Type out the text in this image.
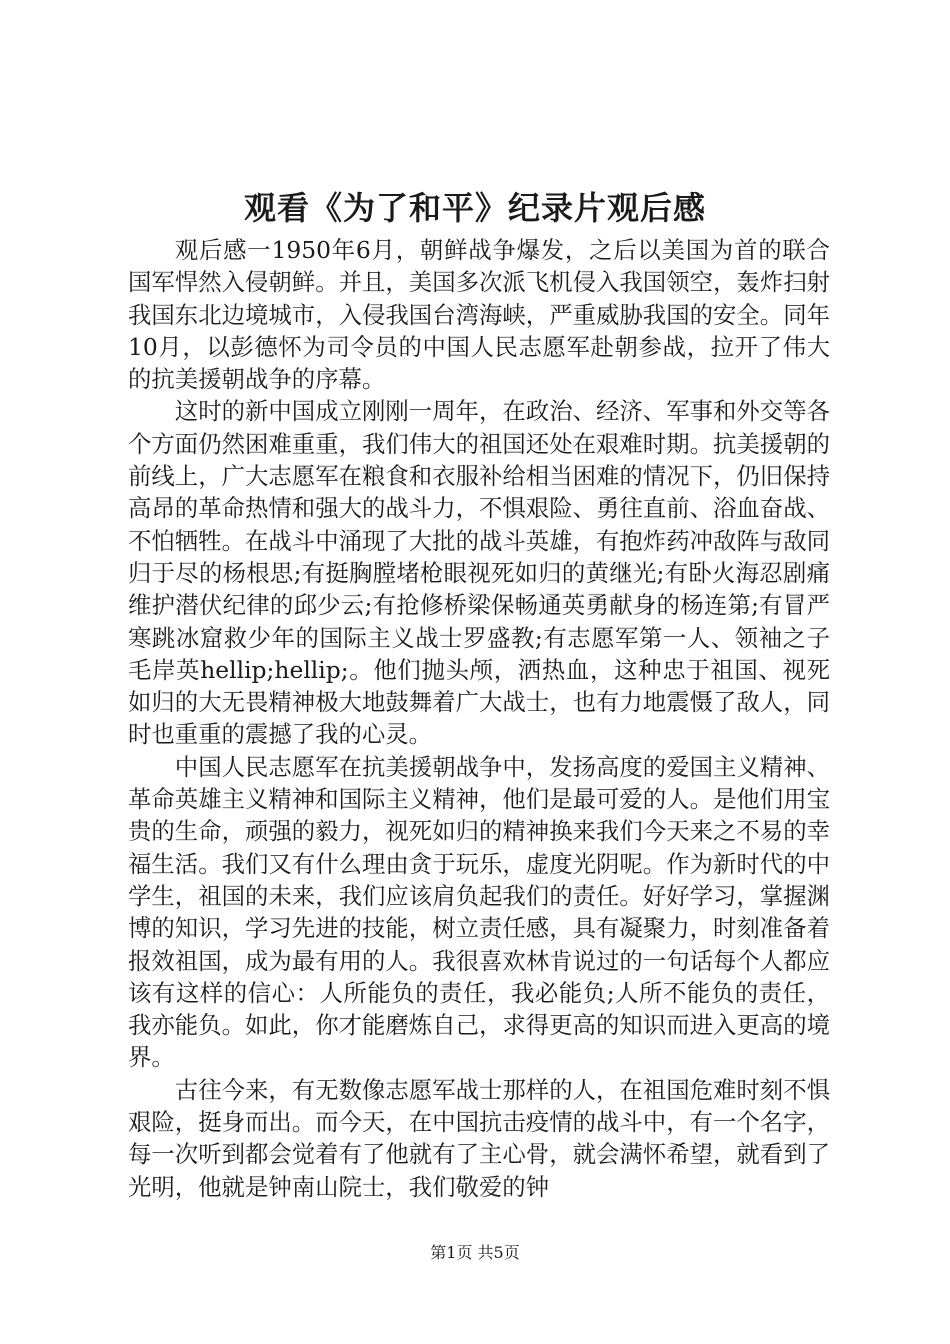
观看《为了和平》纪录片观后感

观后感一1950年6月，朝鲜战争爆发，之后以美国为首的联合国军悍然入侵朝鲜。并且，美国多次派飞机侵入我国领空，轰炸扫射我国东北边境城市，入侵我国台湾海峡，严重威胁我国的安全。同年10月，以彭德怀为司令员的中国人民志愿军赴朝参战，拉开了伟大的抗美援朝战争的序幕。

这时的新中国成立刚刚一周年，在政治、经济、军事和外交等各个方面仍然困难重重，我们伟大的祖国还处在艰难时期。抗美援朝的前线上，广大志愿军在粮食和衣服补给相当困难的情况下，仍旧保持高昂的革命热情和强大的战斗力，不惧艰险、勇往直前、浴血奋战、不怕牺牲。在战斗中涌现了大批的战斗英雄，有抱炸药冲敌阵与敌同归于尽的杨根思;有挺胸膛堵枪眼视死如归的黄继光;有卧火海忍剧痛维护潜伏纪律的邱少云;有抢修桥梁保畅通英勇献身的杨连第;有冒严寒跳冰窟救少年的国际主义战士罗盛教;有志愿军第一人、领袖之子毛岸英hellip;hellip;。他们抛头颅，洒热血，这种忠于祖国、视死如归的大无畏精神极大地鼓舞着广大战士，也有力地震慑了敌人，同时也重重的震撼了我的心灵。

中国人民志愿军在抗美援朝战争中，发扬高度的爱国主义精神、革命英雄主义精神和国际主义精神，他们是最可爱的人。是他们用宝贵的生命，顽强的毅力，视死如归的精神换来我们今天来之不易的幸福生活。我们又有什么理由贪于玩乐，虚度光阴呢。作为新时代的中学生，祖国的未来，我们应该肩负起我们的责任。好好学习，掌握渊博的知识，学习先进的技能，树立责任感，具有凝聚力，时刻准备着报效祖国，成为最有用的人。我很喜欢林肯说过的一句话每个人都应该有这样的信心：人所能负的责任，我必能负;人所不能负的责任，我亦能负。如此，你才能磨炼自己，求得更高的知识而进入更高的境界。

古往今来，有无数像志愿军战士那样的人，在祖国危难时刻不惧艰险，挺身而出。而今天，在中国抗击疫情的战斗中，有一个名字，每一次听到都会觉着有了他就有了主心骨，就会满怀希望，就看到了光明，他就是钟南山院士，我们敬爱的钟

第1页 共5页
